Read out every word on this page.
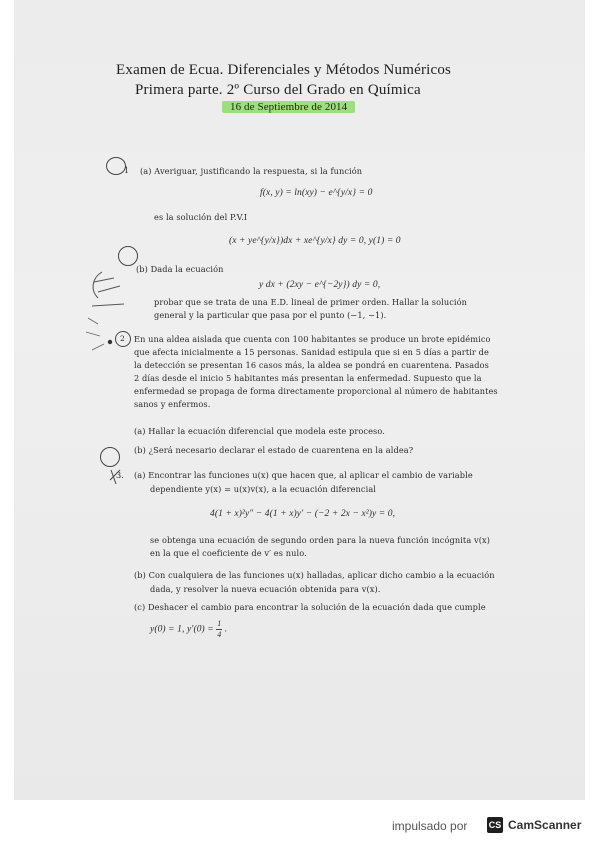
Examen de Ecua. Diferenciales y Métodos Numéricos
Primera parte. 2º Curso del Grado en Química
16 de Septiembre de 2014
1 (a) Averiguar, justificando la respuesta, si la función
f(x, y) = ln(xy) − e^{y/x} = 0
es la solución del P.V.I
(x + ye^{y/x})dx + xe^{y/x} dy = 0, y(1) = 0
(b) Dada la ecuación
y dx + (2xy − e^{−2y}) dy = 0,
probar que se trata de una E.D. lineal de primer orden. Hallar la solución
general y la particular que pasa por el punto (−1, −1).
2 En una aldea aislada que cuenta con 100 habitantes se produce un brote epidémico
que afecta inicialmente a 15 personas. Sanidad estipula que si en 5 días a partir de
la detección se presentan 16 casos más, la aldea se pondrá en cuarentena. Pasados
2 días desde el inicio 5 habitantes más presentan la enfermedad. Supuesto que la
enfermedad se propaga de forma directamente proporcional al número de habitantes
sanos y enfermos.
(a) Hallar la ecuación diferencial que modela este proceso.
(b) ¿Será necesario declarar el estado de cuarentena en la aldea?
3. (a) Encontrar las funciones u(x) que hacen que, al aplicar el cambio de variable
dependiente y(x) = u(x)v(x), a la ecuación diferencial
4(1 + x)²y″ − 4(1 + x)y′ − (−2 + 2x − x²)y = 0,
se obtenga una ecuación de segundo orden para la nueva función incógnita v(x)
en la que el coeficiente de v′ es nulo.
(b) Con cualquiera de las funciones u(x) halladas, aplicar dicho cambio a la ecuación
dada, y resolver la nueva ecuación obtenida para v(x).
(c) Deshacer el cambio para encontrar la solución de la ecuación dada que cumple
y(0) = 1, $y'(0) = \frac{1}{4}$ .
impulsado por CS CamScanner
